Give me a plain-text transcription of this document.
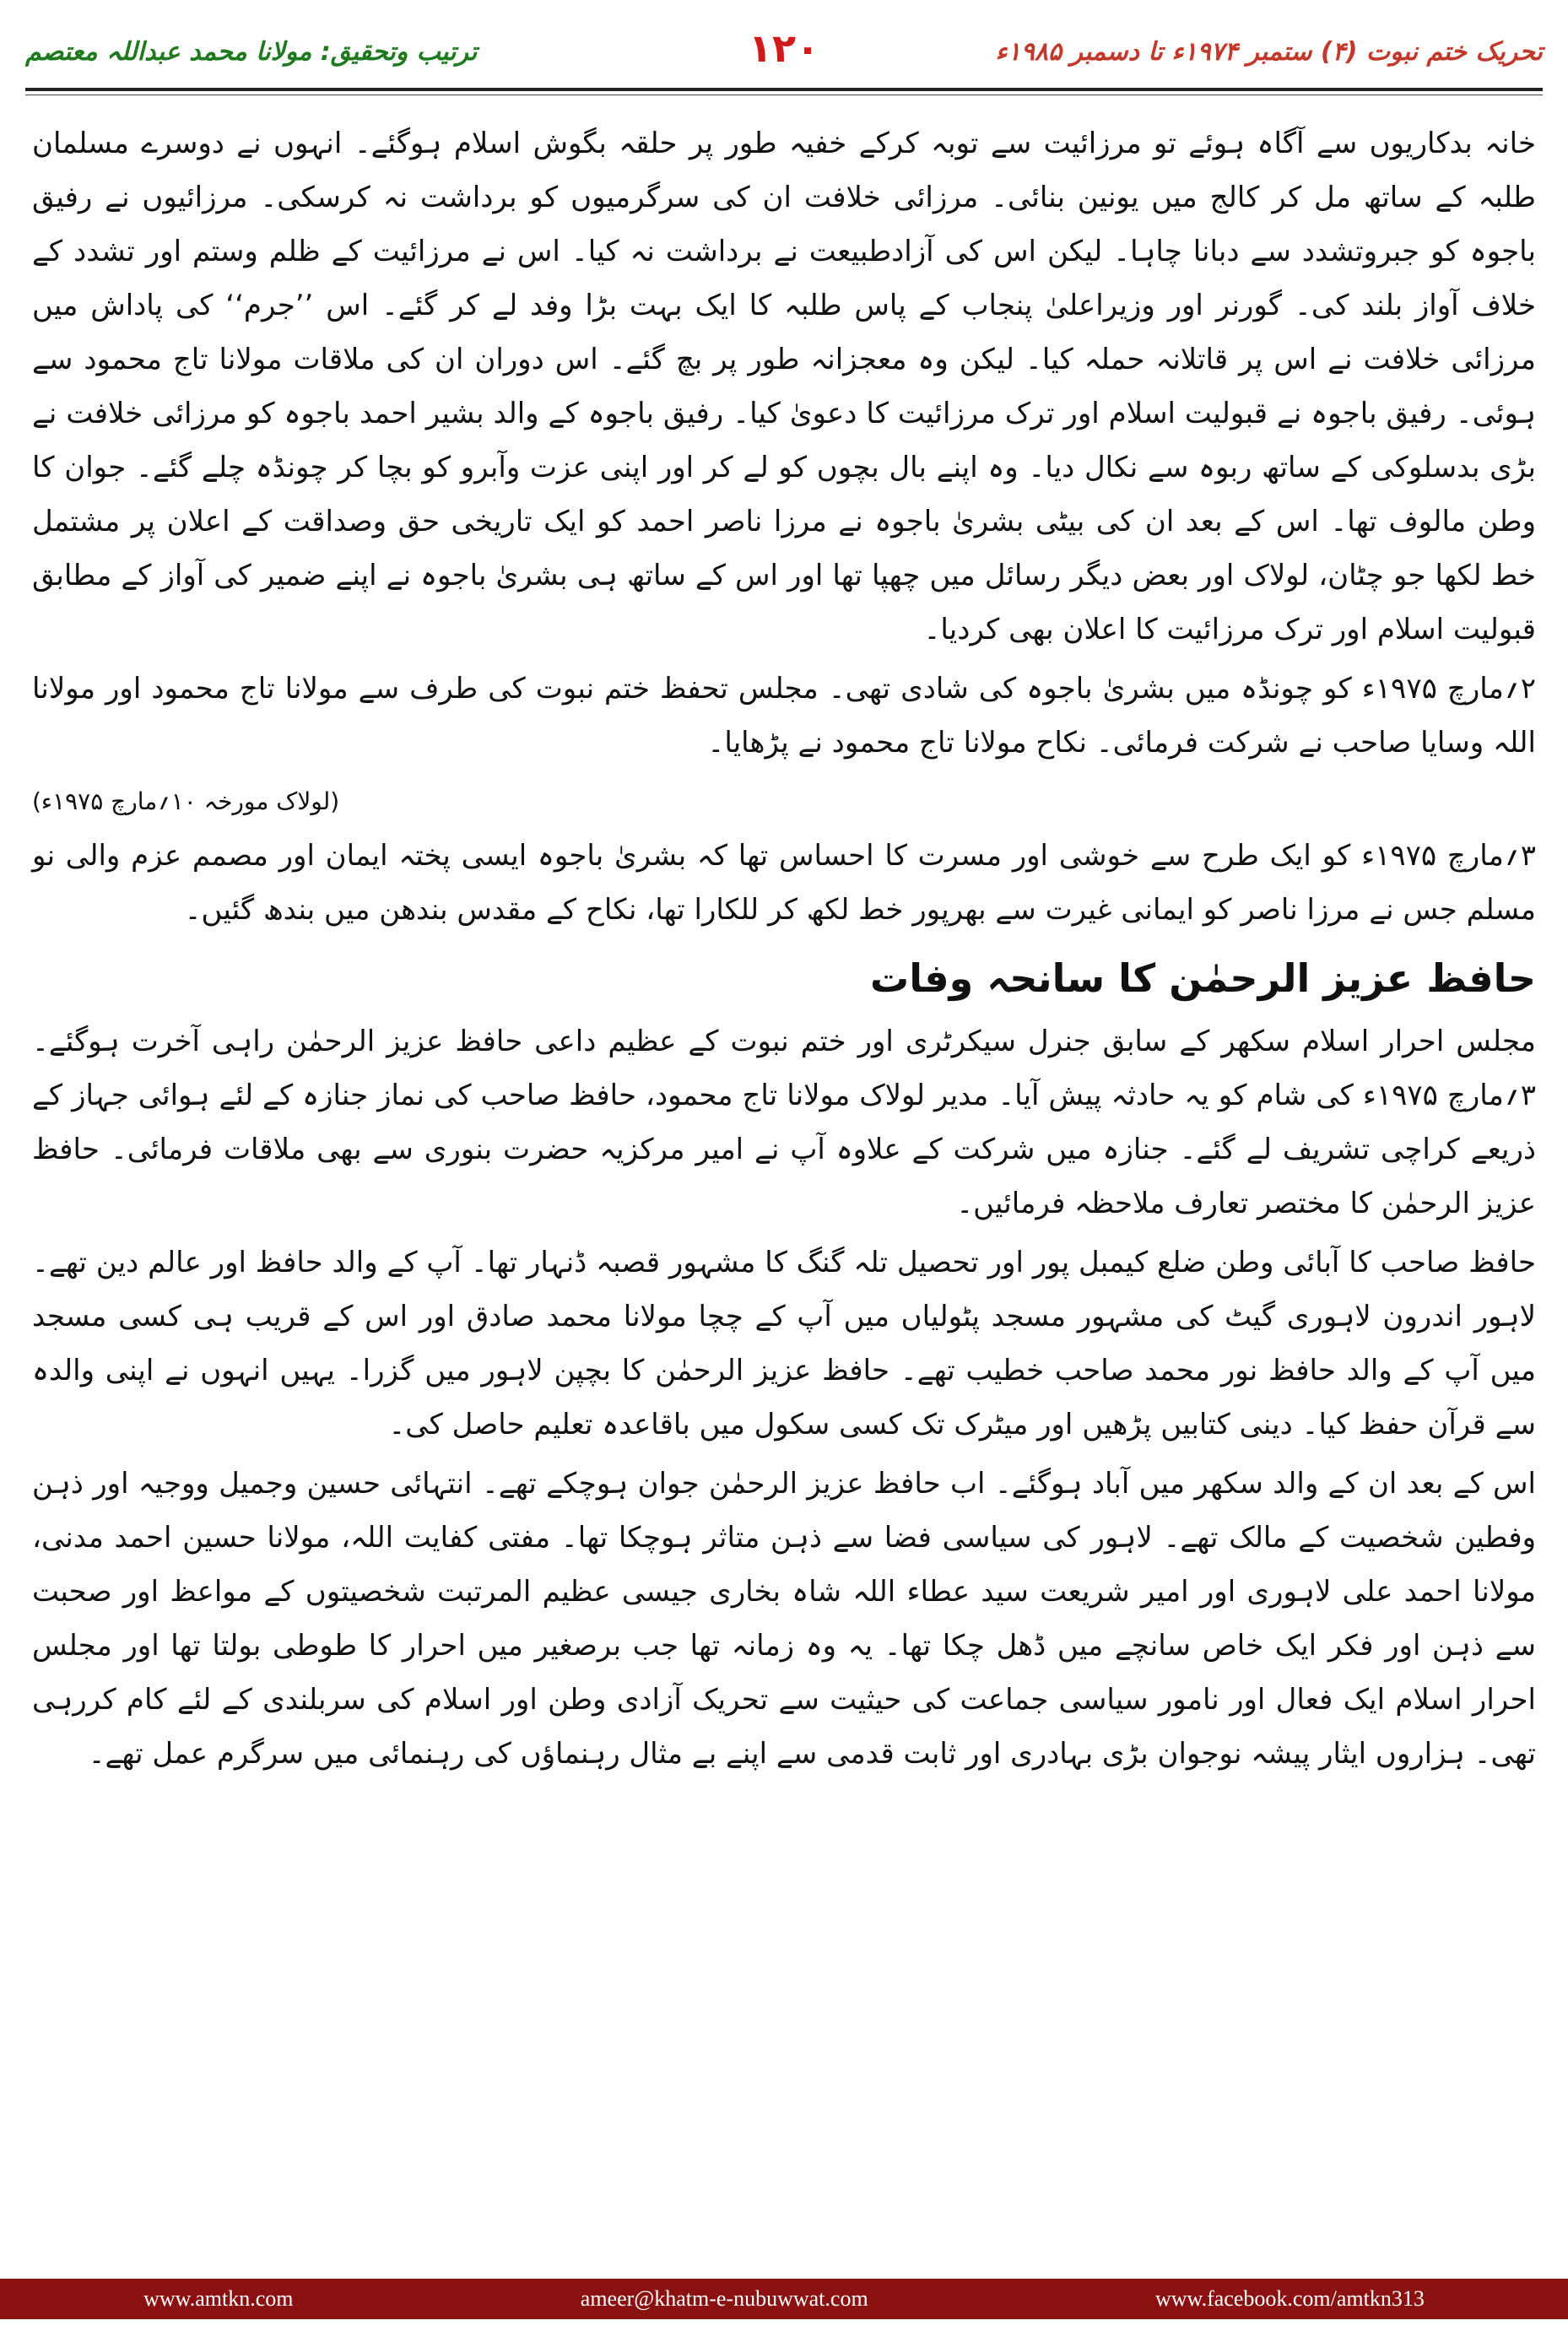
ترتیب وتحقیق: مولانا محمد عبداللہ معتصم	۱۲۰	تحریک ختم نبوت (۴) ستمبر ۱۹۷۴ء تا دسمبر ۱۹۸۵ء

خانہ بدکاریوں سے آگاہ ہوئے تو مرزائیت سے توبہ کرکے خفیہ طور پر حلقہ بگوش اسلام ہوگئے۔ انہوں نے دوسرے مسلمان طلبہ کے ساتھ مل کر کالج میں یونین بنائی۔ مرزائی خلافت ان کی سرگرمیوں کو برداشت نہ کرسکی۔ مرزائیوں نے رفیق باجوہ کو جبروتشدد سے دبانا چاہا۔ لیکن اس کی آزادطبیعت نے برداشت نہ کیا۔ اس نے مرزائیت کے ظلم وستم اور تشدد کے خلاف آواز بلند کی۔ گورنر اور وزیراعلیٰ پنجاب کے پاس طلبہ کا ایک بہت بڑا وفد لے کر گئے۔ اس ’’جرم‘‘ کی پاداش میں مرزائی خلافت نے اس پر قاتلانہ حملہ کیا۔ لیکن وہ معجزانہ طور پر بچ گئے۔ اس دوران ان کی ملاقات مولانا تاج محمود سے ہوئی۔ رفیق باجوہ نے قبولیت اسلام اور ترک مرزائیت کا دعویٰ کیا۔ رفیق باجوہ کے والد بشیر احمد باجوہ کو مرزائی خلافت نے بڑی بدسلوکی کے ساتھ ربوہ سے نکال دیا۔ وہ اپنے بال بچوں کو لے کر اور اپنی عزت وآبرو کو بچا کر چونڈہ چلے گئے۔ جوان کا وطن مالوف تھا۔ اس کے بعد ان کی بیٹی بشریٰ باجوہ نے مرزا ناصر احمد کو ایک تاریخی حق وصداقت کے اعلان پر مشتمل خط لکھا جو چٹان، لولاک اور بعض دیگر رسائل میں چھپا تھا اور اس کے ساتھ ہی بشریٰ باجوہ نے اپنے ضمیر کی آواز کے مطابق قبولیت اسلام اور ترک مرزائیت کا اعلان بھی کردیا۔

۲؍مارچ ۱۹۷۵ء کو چونڈہ میں بشریٰ باجوہ کی شادی تھی۔ مجلس تحفظ ختم نبوت کی طرف سے مولانا تاج محمود اور مولانا اللہ وسایا صاحب نے شرکت فرمائی۔ نکاح مولانا تاج محمود نے پڑھایا۔

(لولاک مورخہ ۱۰؍مارچ ۱۹۷۵ء)

۳؍مارچ ۱۹۷۵ء کو ایک طرح سے خوشی اور مسرت کا احساس تھا کہ بشریٰ باجوہ ایسی پختہ ایمان اور مصمم عزم والی نو مسلم جس نے مرزا ناصر کو ایمانی غیرت سے بھرپور خط لکھ کر للکارا تھا، نکاح کے مقدس بندھن میں بندھ گئیں۔

حافظ عزیز الرحمٰن کا سانحہ وفات

مجلس احرار اسلام سکھر کے سابق جنرل سیکرٹری اور ختم نبوت کے عظیم داعی حافظ عزیز الرحمٰن راہی آخرت ہوگئے۔ ۳؍مارچ ۱۹۷۵ء کی شام کو یہ حادثہ پیش آیا۔ مدیر لولاک مولانا تاج محمود، حافظ صاحب کی نماز جنازہ کے لئے ہوائی جہاز کے ذریعے کراچی تشریف لے گئے۔ جنازہ میں شرکت کے علاوہ آپ نے امیر مرکزیہ حضرت بنوری سے بھی ملاقات فرمائی۔ حافظ عزیز الرحمٰن کا مختصر تعارف ملاحظہ فرمائیں۔

حافظ صاحب کا آبائی وطن ضلع کیمبل پور اور تحصیل تلہ گنگ کا مشہور قصبہ ڈنہار تھا۔ آپ کے والد حافظ اور عالم دین تھے۔ لاہور اندرون لاہوری گیٹ کی مشہور مسجد پٹولیاں میں آپ کے چچا مولانا محمد صادق اور اس کے قریب ہی کسی مسجد میں آپ کے والد حافظ نور محمد صاحب خطیب تھے۔ حافظ عزیز الرحمٰن کا بچپن لاہور میں گزرا۔ یہیں انہوں نے اپنی والدہ سے قرآن حفظ کیا۔ دینی کتابیں پڑھیں اور میٹرک تک کسی سکول میں باقاعدہ تعلیم حاصل کی۔

اس کے بعد ان کے والد سکھر میں آباد ہوگئے۔ اب حافظ عزیز الرحمٰن جوان ہوچکے تھے۔ انتہائی حسین وجمیل ووجیہ اور ذہن وفطین شخصیت کے مالک تھے۔ لاہور کی سیاسی فضا سے ذہن متاثر ہوچکا تھا۔ مفتی کفایت اللہ، مولانا حسین احمد مدنی، مولانا احمد علی لاہوری اور امیر شریعت سید عطاء اللہ شاہ بخاری جیسی عظیم المرتبت شخصیتوں کے مواعظ اور صحبت سے ذہن اور فکر ایک خاص سانچے میں ڈھل چکا تھا۔ یہ وہ زمانہ تھا جب برصغیر میں احرار کا طوطی بولتا تھا اور مجلس احرار اسلام ایک فعال اور نامور سیاسی جماعت کی حیثیت سے تحریک آزادی وطن اور اسلام کی سربلندی کے لئے کام کررہی تھی۔ ہزاروں ایثار پیشہ نوجوان بڑی بہادری اور ثابت قدمی سے اپنے بے مثال رہنماؤں کی رہنمائی میں سرگرم عمل تھے۔

www.amtkn.com	ameer@khatm-e-nubuwwat.com	www.facebook.com/amtkn313
